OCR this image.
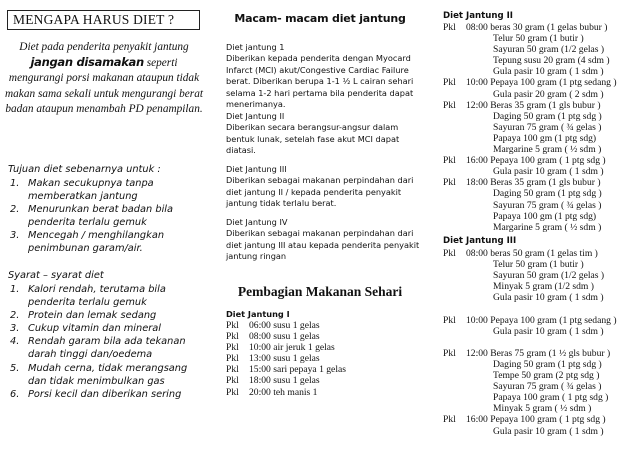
MENGAPA HARUS DIET ?
Diet pada penderita penyakit jantung
jangan disamakan seperti mengurangi porsi makanan ataupun tidak makan sama sekali untuk mengurangi berat badan ataupun menambah PD penampilan.
Tujuan diet sebenarnya untuk :
1. Makan secukupnya tanpa memberatkan jantung
2. Menurunkan berat badan bila penderita terlalu gemuk
3. Mencegah / menghilangkan penimbunan garam/air.
Syarat – syarat diet
1. Kalori rendah, terutama bila penderita terlalu gemuk
2. Protein dan lemak sedang
3. Cukup vitamin dan mineral
4. Rendah garam bila ada tekanan darah tinggi dan/oedema
5. Mudah cerna, tidak merangsang dan tidak menimbulkan gas
6. Porsi kecil dan diberikan sering
Macam- macam diet jantung
Diet jantung 1
Diberikan kepada penderita dengan Myocard Infarct (MCI) akut/Congestive Cardiac Failure berat. Diberikan berupa 1-1 ½ L cairan sehari selama 1-2 hari pertama bila penderita dapat menerimanya.
Diet Jantung II
Diberikan secara berangsur-angsur dalam bentuk lunak, setelah fase akut MCI dapat diatasi.
Diet Jantung III
Diberikan sebagai makanan perpindahan dari diet jantung II / kepada penderita penyakit jantung tidak terlalu berat.
Diet Jantung IV
Diberikan sebagai makanan perpindahan dari diet jantung III atau kepada penderita penyakit jantung ringan
Pembagian Makanan Sehari
Diet Jantung I
Pkl	06:00 susu 1 gelas
Pkl	08:00 susu 1 gelas
Pkl	10:00 air jeruk 1 gelas
Pkl	13:00 susu 1 gelas
Pkl	15:00 sari pepaya 1 gelas
Pkl	18:00 susu 1 gelas
Pkl	20:00 teh manis 1
Diet Jantung II
Pkl	08:00 beras 30 gram (1 gelas bubur )
Telur 50 gram (1 butir )
Sayuran 50 gram (1/2 gelas )
Tepung susu 20 gram (4 sdm )
Gula pasir 10 gram ( 1 sdm )
Pkl	10:00 Pepaya 100 gram (1 ptg sedang )
Gula pasir 20 gram ( 2 sdm )
Pkl	12:00 Beras 35 gram (1 gls bubur )
Daging 50 gram (1 ptg sdg )
Sayuran 75 gram ( ¾ gelas )
Papaya 100 gm (1 ptg sdg)
Margarine 5 gram ( ½ sdm )
Pkl	16:00 Pepaya 100 gram ( 1 ptg sdg )
Gula pasir 10 gram ( 1 sdm )
Pkl	18:00 Beras 35 gram (1 gls bubur )
Daging 50 gram (1 ptg sdg )
Sayuran 75 gram ( ¾ gelas )
Papaya 100 gm (1 ptg sdg)
Margarine 5 gram ( ½ sdm )
Diet Jantung III
Pkl	08:00 beras 50 gram (1 gelas tim )
Telur 50 gram (1 butir )
Sayuran 50 gram (1/2 gelas )
Minyak 5 gram (1/2 sdm )
Gula pasir 10 gram ( 1 sdm )

Pkl	10:00 Pepaya 100 gram (1 ptg sedang )
Gula pasir 10 gram ( 1 sdm )

Pkl	12:00 Beras 75 gram (1 ½ gls bubur )
Daging 50 gram (1 ptg sdg )
Tempe 50 gram (2 ptg sdg )
Sayuran 75 gram ( ¾ gelas )
Papaya 100 gram ( 1 ptg sdg )
Minyak 5 gram ( ½ sdm )
Pkl	16:00 Pepaya 100 gram ( 1 ptg sdg )
Gula pasir 10 gram ( 1 sdm )
